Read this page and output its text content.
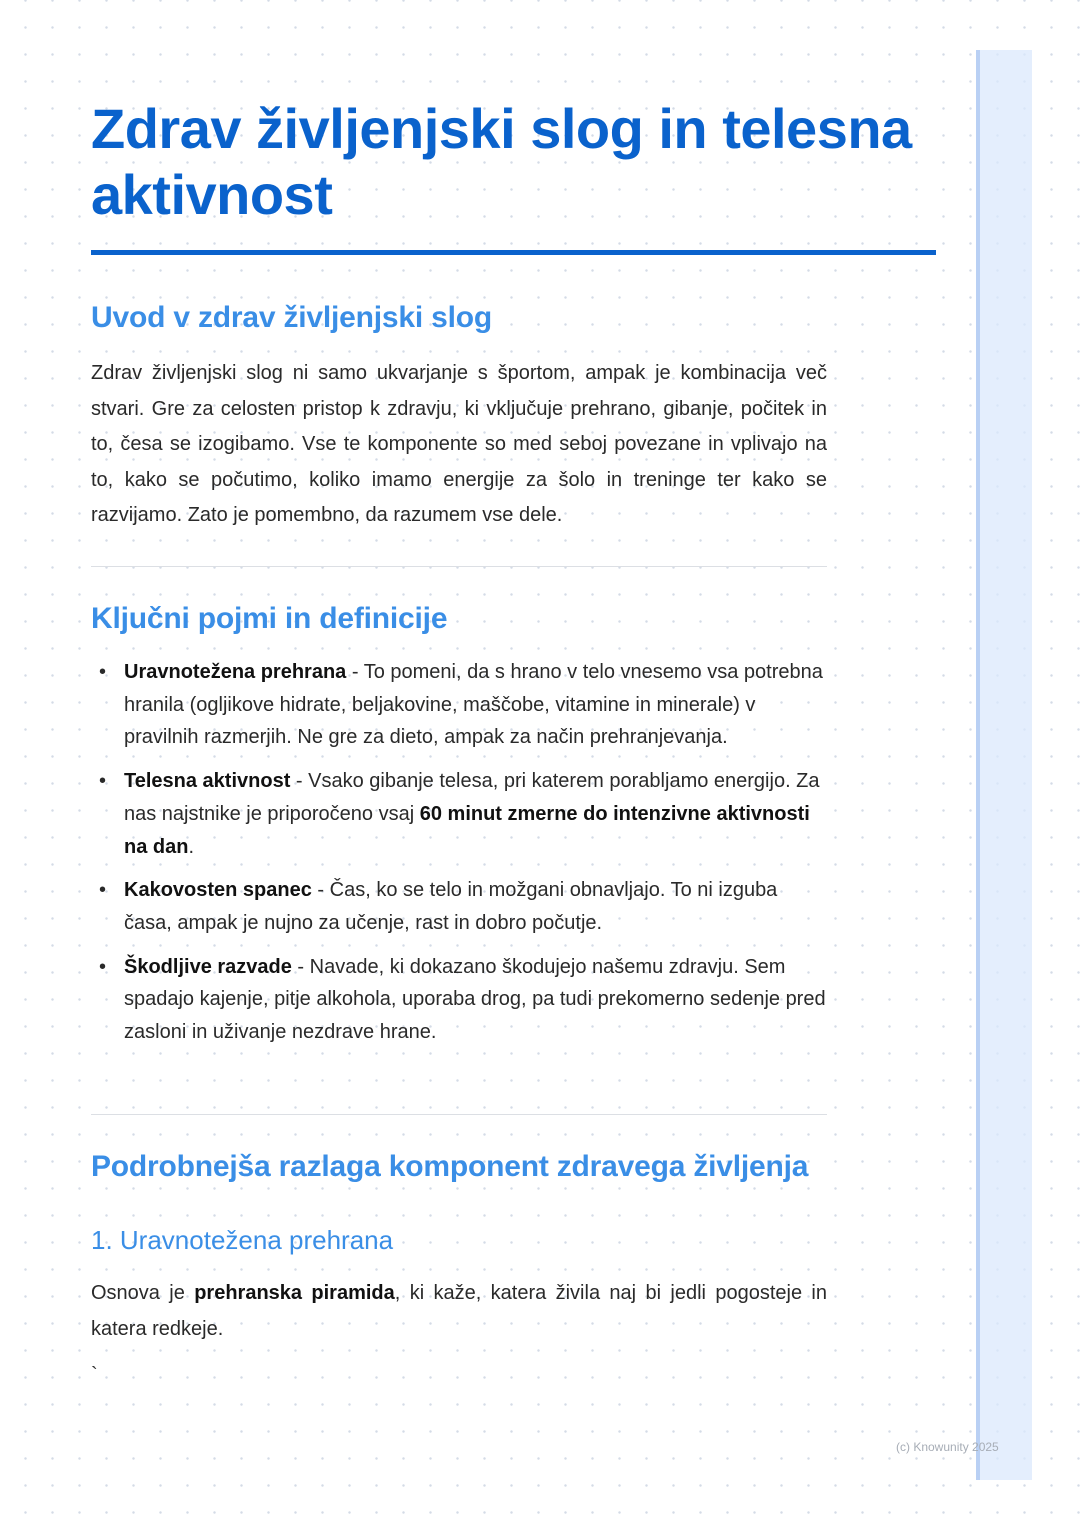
Zdrav življenjski slog in telesna aktivnost
Uvod v zdrav življenjski slog

Zdrav življenjski slog ni samo ukvarjanje s športom, ampak je kombinacija več stvari. Gre za celosten pristop k zdravju, ki vključuje prehrano, gibanje, počitek in to, česa se izogibamo. Vse te komponente so med seboj povezane in vplivajo na to, kako se počutimo, koliko imamo energije za šolo in treninge ter kako se razvijamo. Zato je pomembno, da razumem vse dele.

Ključni pojmi in definicije
• Uravnotežena prehrana - To pomeni, da s hrano v telo vnesemo vsa potrebna hranila (ogljikove hidrate, beljakovine, maščobe, vitamine in minerale) v pravilnih razmerjih. Ne gre za dieto, ampak za način prehranjevanja.
• Telesna aktivnost - Vsako gibanje telesa, pri katerem porabljamo energijo. Za nas najstnike je priporočeno vsaj 60 minut zmerne do intenzivne aktivnosti na dan.
• Kakovosten spanec - Čas, ko se telo in možgani obnavljajo. To ni izguba časa, ampak je nujno za učenje, rast in dobro počutje.
• Škodljive razvade - Navade, ki dokazano škodujejo našemu zdravju. Sem spadajo kajenje, pitje alkohola, uporaba drog, pa tudi prekomerno sedenje pred zasloni in uživanje nezdrave hrane.
Podrobnejša razlaga komponent zdravega življenja
1. Uravnotežena prehrana

Osnova je prehranska piramida, ki kaže, katera živila naj bi jedli pogosteje in katera redkeje.

`
(c) Knowunity 2025
